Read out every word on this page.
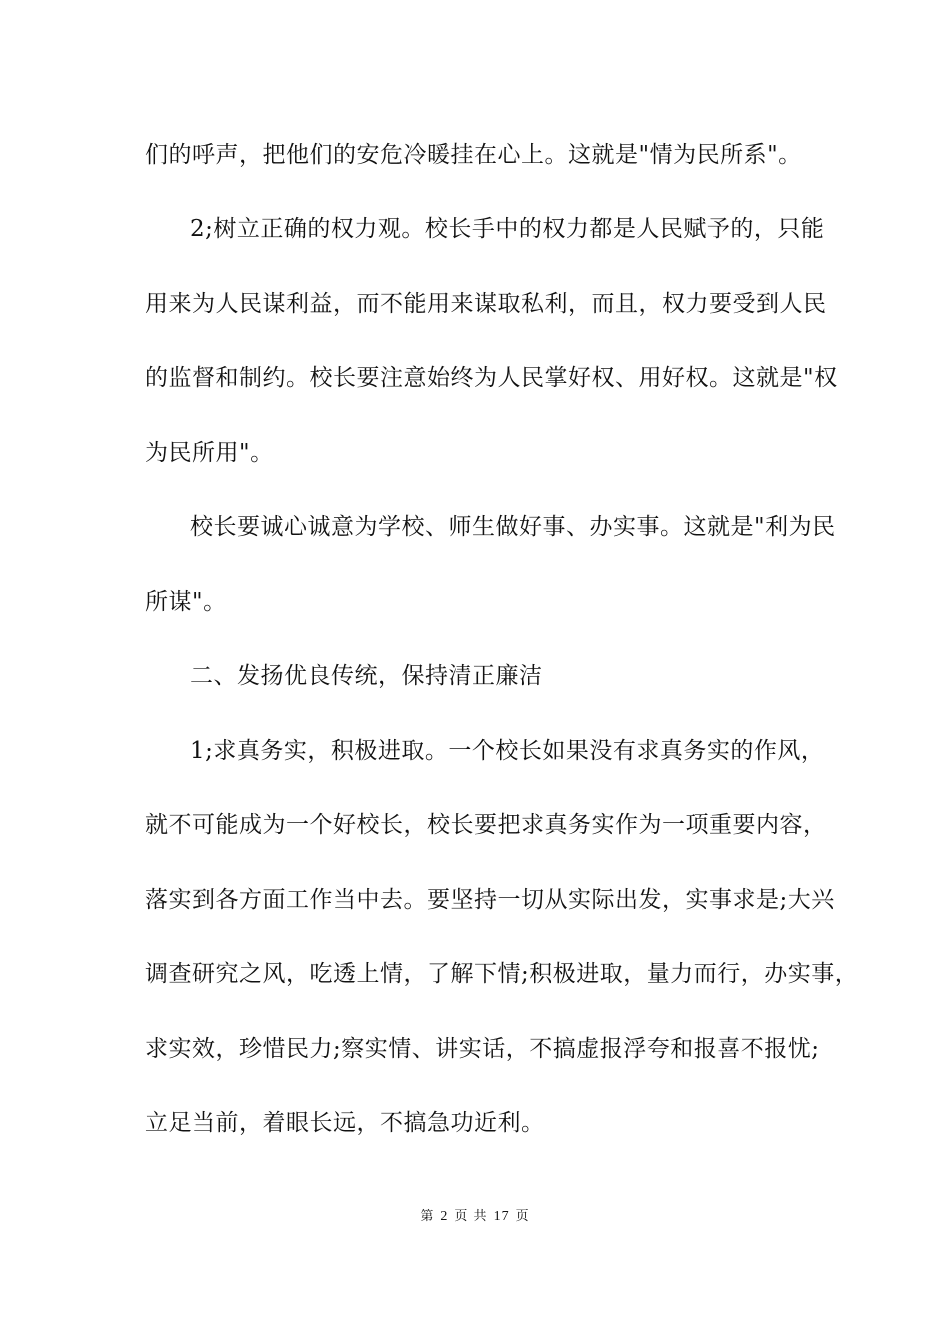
们的呼声，把他们的安危冷暖挂在心上。这就是"情为民所系"。
2;树立正确的权力观。校长手中的权力都是人民赋予的，只能
用来为人民谋利益，而不能用来谋取私利，而且，权力要受到人民
的监督和制约。校长要注意始终为人民掌好权、用好权。这就是"权
为民所用"。
校长要诚心诚意为学校、师生做好事、办实事。这就是"利为民
所谋"。
二、发扬优良传统，保持清正廉洁
1;求真务实，积极进取。一个校长如果没有求真务实的作风，
就不可能成为一个好校长，校长要把求真务实作为一项重要内容，
落实到各方面工作当中去。要坚持一切从实际出发，实事求是;大兴
调查研究之风，吃透上情，了解下情;积极进取，量力而行，办实事，
求实效，珍惜民力;察实情、讲实话，不搞虚报浮夸和报喜不报忧;
立足当前，着眼长远，不搞急功近利。
第 2 页 共 17 页
